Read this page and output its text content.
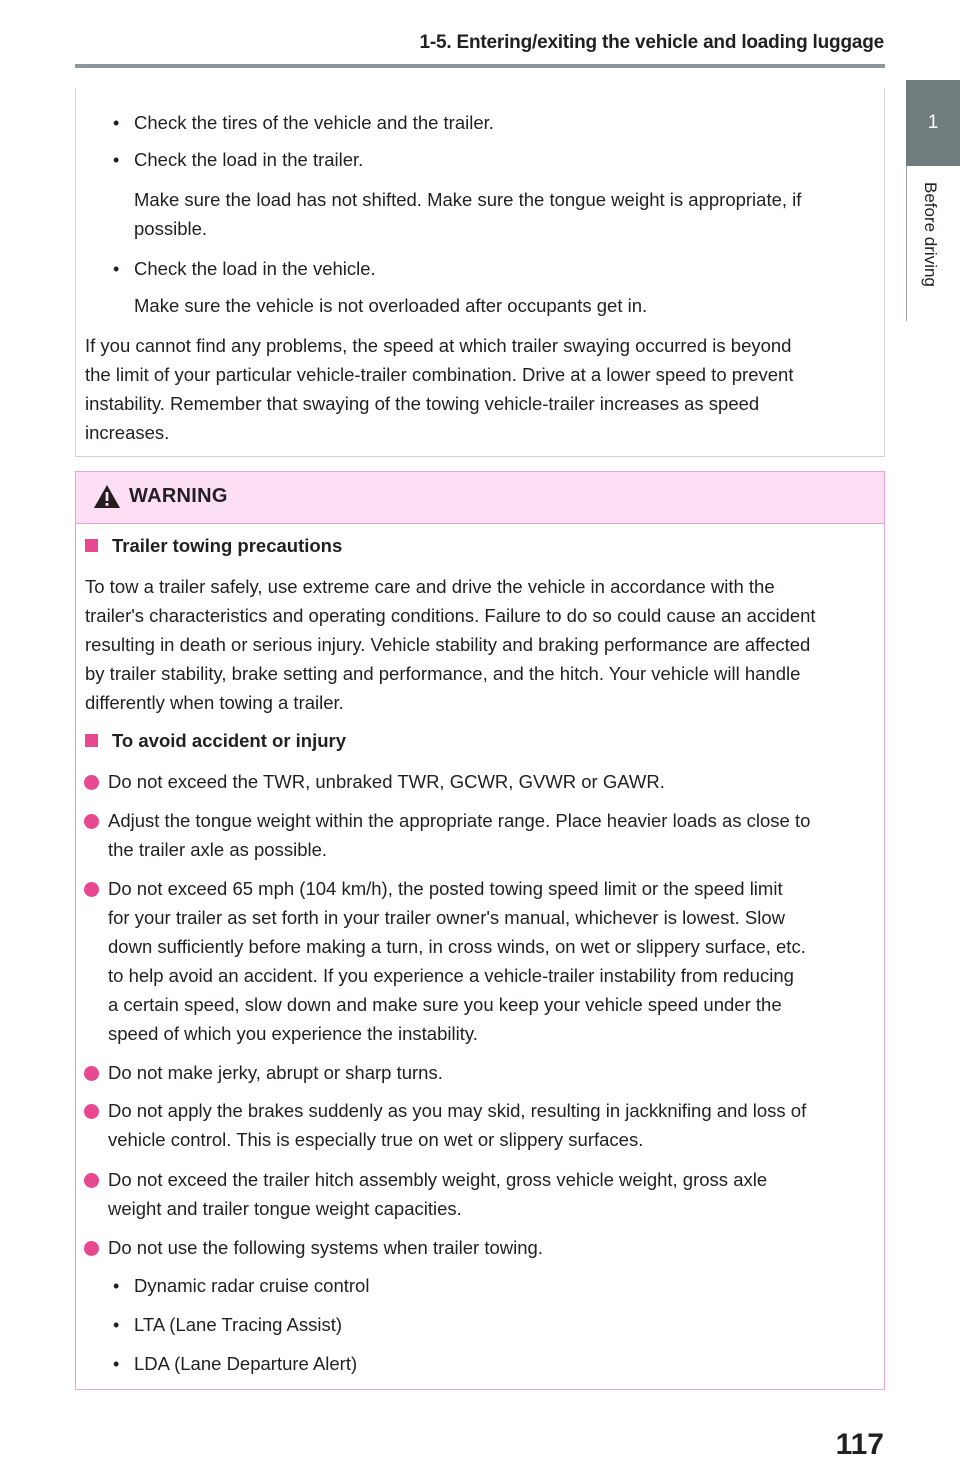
1-5. Entering/exiting the vehicle and loading luggage
1
Before driving
• Check the tires of the vehicle and the trailer.
• Check the load in the trailer.
Make sure the load has not shifted. Make sure the tongue weight is appropriate, if
possible.
• Check the load in the vehicle.
Make sure the vehicle is not overloaded after occupants get in.
If you cannot find any problems, the speed at which trailer swaying occurred is beyond
the limit of your particular vehicle-trailer combination. Drive at a lower speed to prevent
instability. Remember that swaying of the towing vehicle-trailer increases as speed
increases.
WARNING
Trailer towing precautions
To tow a trailer safely, use extreme care and drive the vehicle in accordance with the
trailer's characteristics and operating conditions. Failure to do so could cause an accident
resulting in death or serious injury. Vehicle stability and braking performance are affected
by trailer stability, brake setting and performance, and the hitch. Your vehicle will handle
differently when towing a trailer.
To avoid accident or injury
Do not exceed the TWR, unbraked TWR, GCWR, GVWR or GAWR.
Adjust the tongue weight within the appropriate range. Place heavier loads as close to
the trailer axle as possible.
Do not exceed 65 mph (104 km/h), the posted towing speed limit or the speed limit
for your trailer as set forth in your trailer owner's manual, whichever is lowest. Slow
down sufficiently before making a turn, in cross winds, on wet or slippery surface, etc.
to help avoid an accident. If you experience a vehicle-trailer instability from reducing
a certain speed, slow down and make sure you keep your vehicle speed under the
speed of which you experience the instability.
Do not make jerky, abrupt or sharp turns.
Do not apply the brakes suddenly as you may skid, resulting in jackknifing and loss of
vehicle control. This is especially true on wet or slippery surfaces.
Do not exceed the trailer hitch assembly weight, gross vehicle weight, gross axle
weight and trailer tongue weight capacities.
Do not use the following systems when trailer towing.
• Dynamic radar cruise control
• LTA (Lane Tracing Assist)
• LDA (Lane Departure Alert)
117
